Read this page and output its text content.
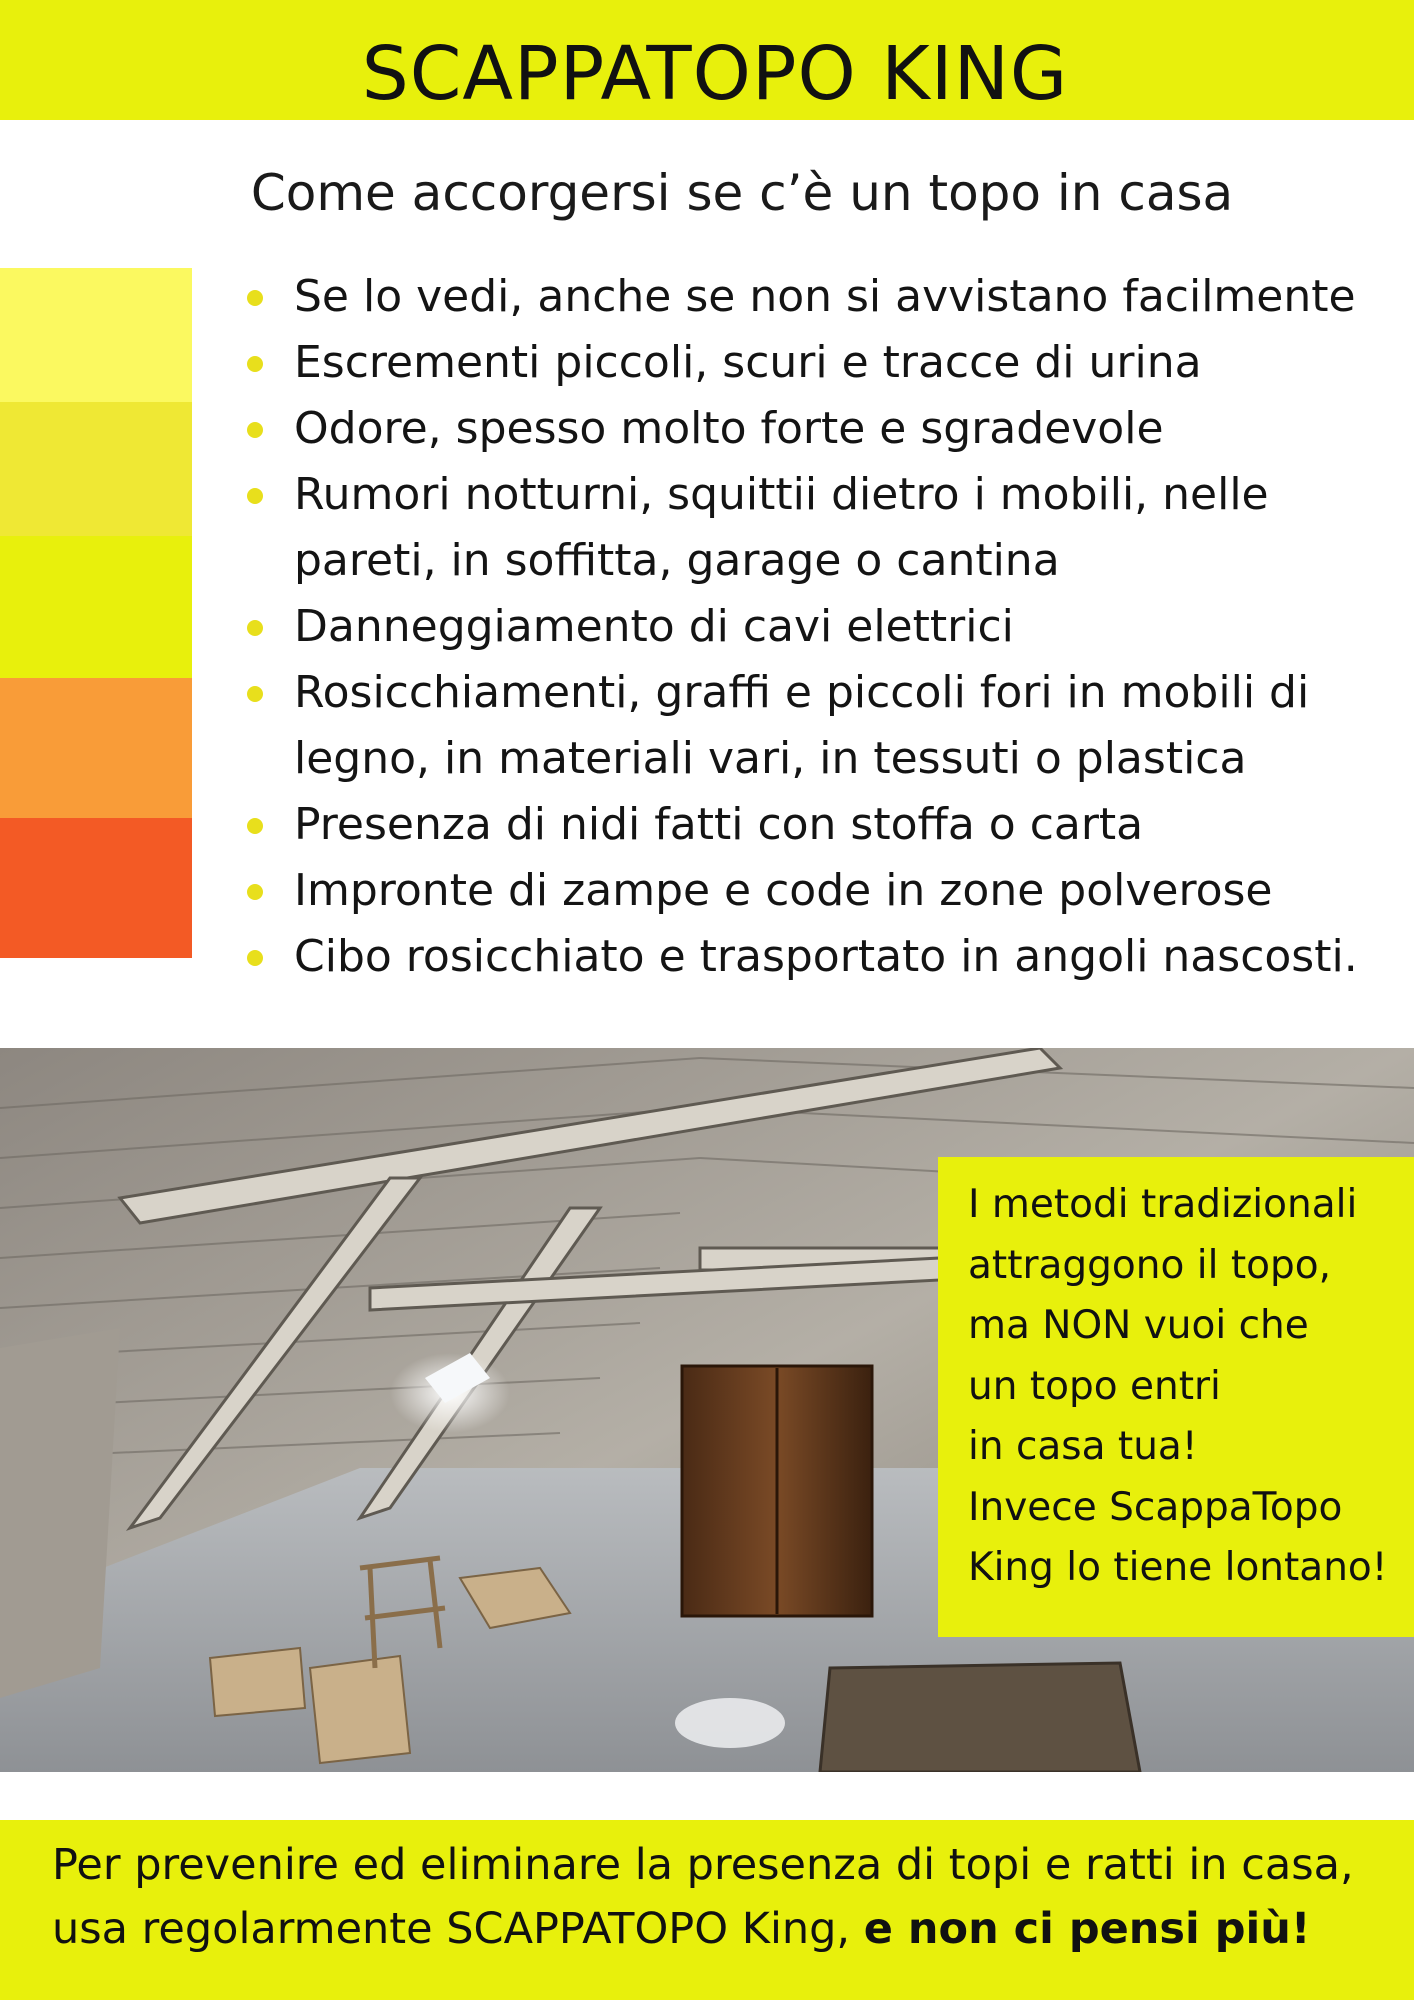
SCAPPATOPO KING
Come accorgersi se c’è un topo in casa
Se lo vedi, anche se non si avvistano facilmente
Escrementi piccoli, scuri e tracce di urina
Odore, spesso molto forte e sgradevole
Rumori notturni, squittii dietro i mobili, nelle
pareti, in soffitta, garage o cantina
Danneggiamento di cavi elettrici
Rosicchiamenti, graffi e piccoli fori in mobili di
legno, in materiali vari, in tessuti o plastica
Presenza di nidi fatti con stoffa o carta
Impronte di zampe e code in zone polverose
Cibo rosicchiato e trasportato in angoli nascosti.
I metodi tradizionali
attraggono il topo,
ma NON vuoi che
un topo entri
in casa tua!
Invece ScappaTopo
King lo tiene lontano!
Per prevenire ed eliminare la presenza di topi e ratti in casa,
usa regolarmente SCAPPATOPO King, e non ci pensi più!
